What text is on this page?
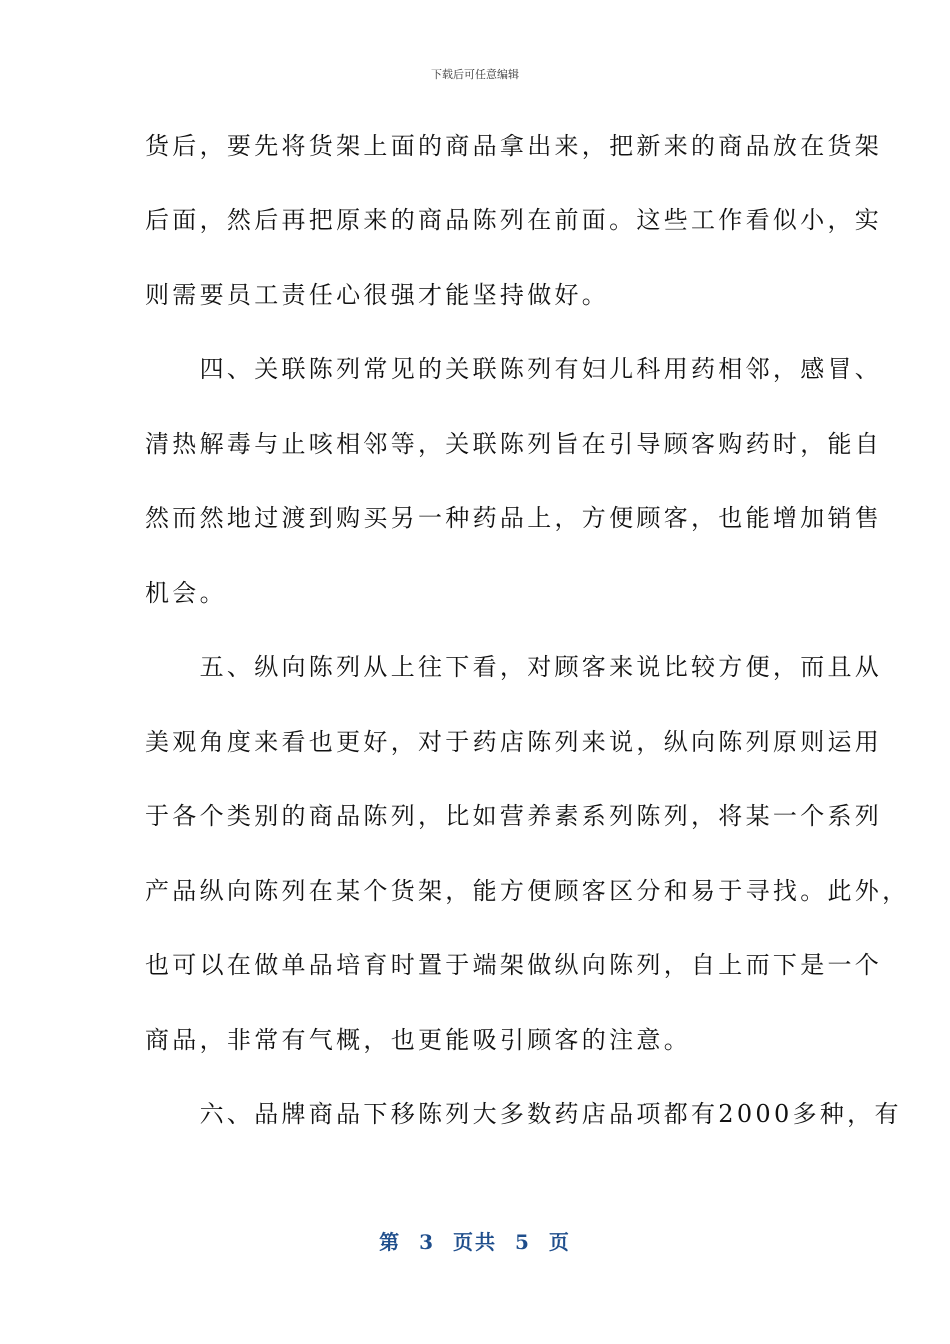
下载后可任意编辑
货后，要先将货架上面的商品拿出来，把新来的商品放在货架
后面，然后再把原来的商品陈列在前面。这些工作看似小，实
则需要员工责任心很强才能坚持做好。
　　四、关联陈列常见的关联陈列有妇儿科用药相邻，感冒、
清热解毒与止咳相邻等，关联陈列旨在引导顾客购药时，能自
然而然地过渡到购买另一种药品上，方便顾客，也能增加销售
机会。
　　五、纵向陈列从上往下看，对顾客来说比较方便，而且从
美观角度来看也更好，对于药店陈列来说，纵向陈列原则运用
于各个类别的商品陈列，比如营养素系列陈列，将某一个系列
产品纵向陈列在某个货架，能方便顾客区分和易于寻找。此外，
也可以在做单品培育时置于端架做纵向陈列，自上而下是一个
商品，非常有气概，也更能吸引顾客的注意。
　　六、品牌商品下移陈列大多数药店品项都有2000多种，有
第 3 页共 5 页
